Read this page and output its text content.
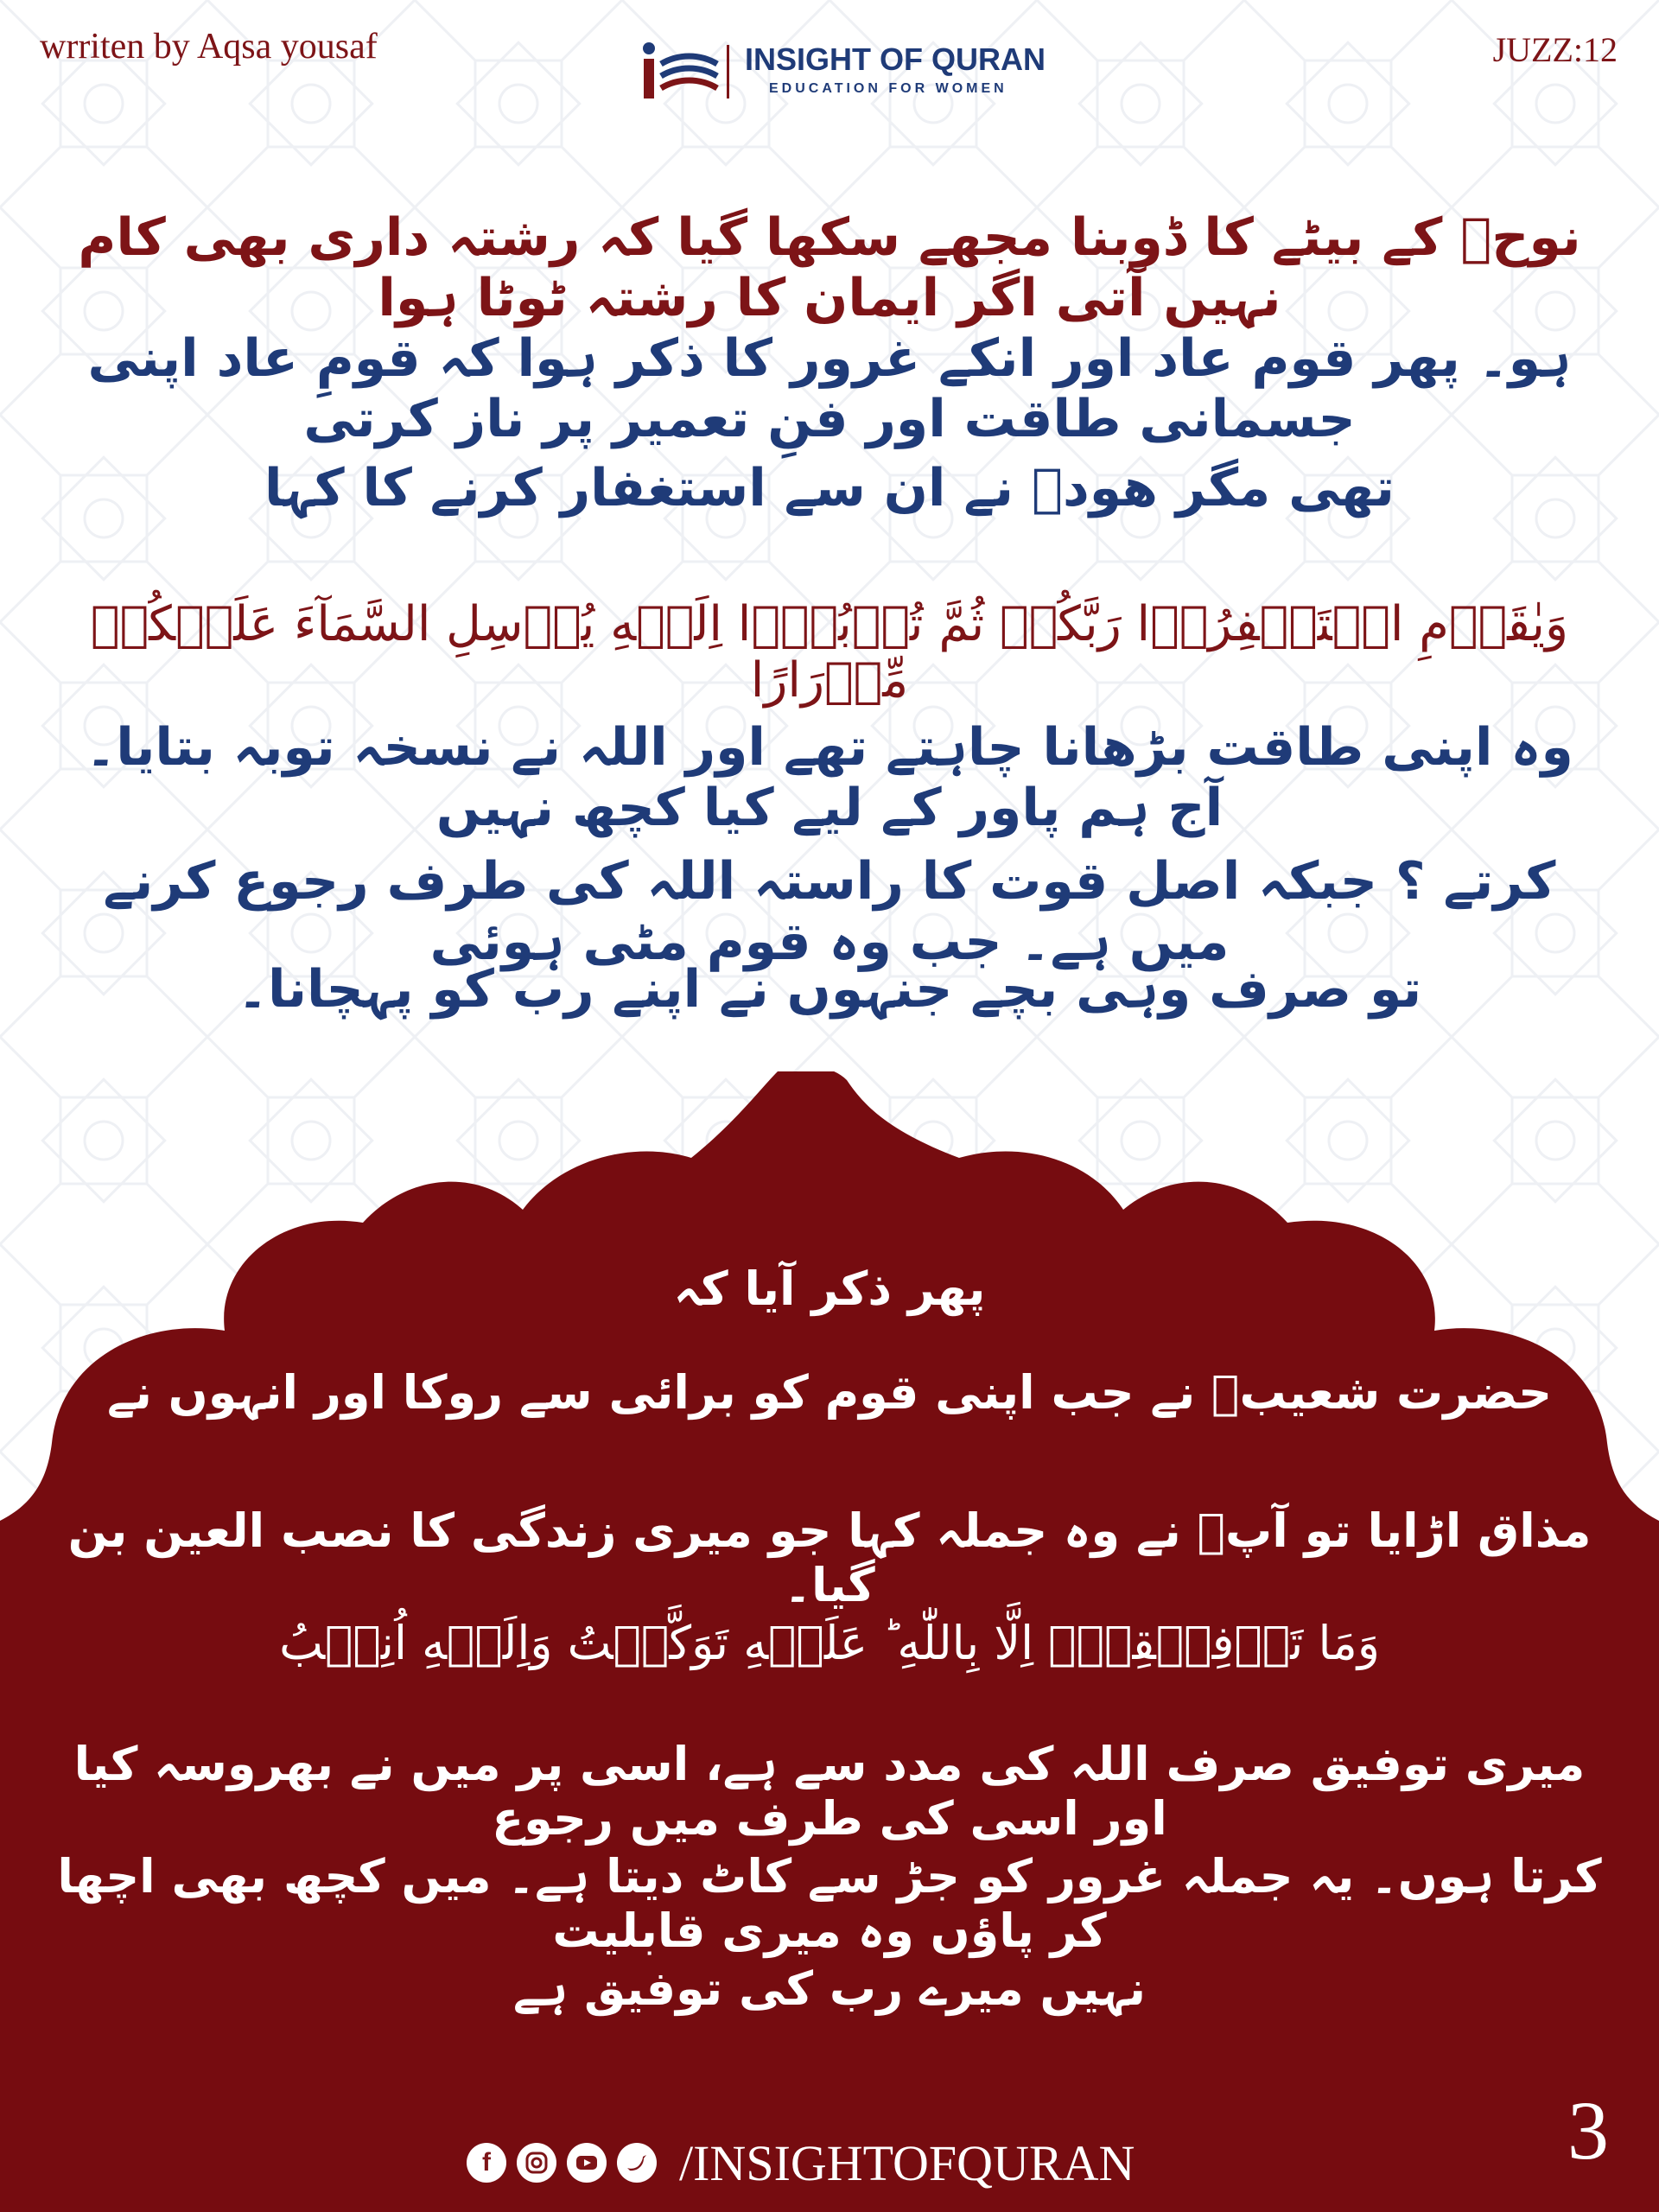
wrriten by Aqsa yousaf	JUZZ:12
INSIGHT OF QURAN
EDUCATION FOR WOMEN
نوحؑ کے بیٹے کا ڈوبنا مجھے سکھا گیا کہ رشتہ داری بھی کام نہیں آتی اگر ایمان کا رشتہ ٹوٹا ہوا
ہو۔ پھر قوم عاد اور انکے غرور کا ذکر ہوا کہ قومِ عاد اپنی جسمانی طاقت اور فنِ تعمیر پر ناز کرتی
تھی مگر ھودؑ نے ان سے استغفار کرنے کا کہا
وَيٰقَوۡمِ اسۡتَغۡفِرُوۡا رَبَّكُمۡ ثُمَّ تُوۡبُوۡۤا اِلَيۡهِ يُرۡسِلِ السَّمَآءَ عَلَيۡكُمۡ مِّدۡرَارًا
وہ اپنی طاقت بڑھانا چاہتے تھے اور اللہ نے نسخہ توبہ بتایا۔ آج ہم پاور کے لیے کیا کچھ نہیں
کرتے ؟ جبکہ اصل قوت کا راستہ اللہ کی طرف رجوع کرنے میں ہے۔ جب وہ قوم مٹی ہوئی
تو صرف وہی بچے جنہوں نے اپنے رب کو پہچانا۔
پھر ذکر آیا کہ
حضرت شعیبؑ نے جب اپنی قوم کو برائی سے روکا اور انہوں نے
مذاق اڑایا تو آپؑ نے وہ جملہ کہا جو میری زندگی کا نصب العین بن گیا۔
وَمَا تَوۡفِيۡقِىۡۤ اِلَّا بِاللّٰهِ ؕ عَلَيۡهِ تَوَكَّلۡتُ وَاِلَيۡهِ اُنِيۡبُ
میری توفیق صرف اللہ کی مدد سے ہے، اسی پر میں نے بھروسہ کیا اور اسی کی طرف میں رجوع
کرتا ہوں۔ یہ جملہ غرور کو جڑ سے کاٹ دیتا ہے۔ میں کچھ بھی اچھا کر پاؤں وہ میری قابلیت
نہیں میرے رب کی توفیق ہے
f	/INSIGHTOFQURAN	3
